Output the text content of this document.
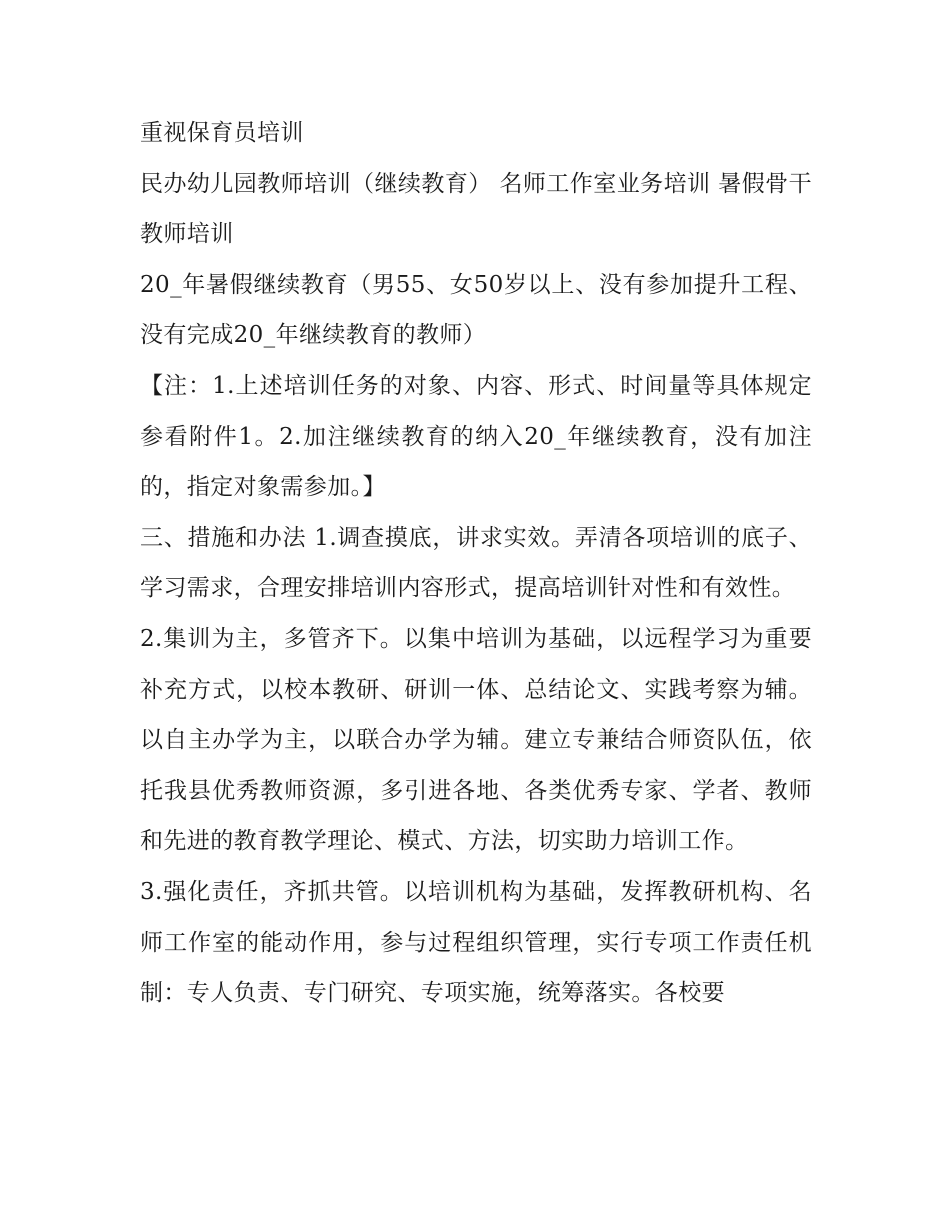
重视保育员培训

民办幼儿园教师培训（继续教育） 名师工作室业务培训 暑假骨干教师培训

20_年暑假继续教育（男55、女50岁以上、没有参加提升工程、没有完成20_年继续教育的教师）

【注：1.上述培训任务的对象、内容、形式、时间量等具体规定参看附件1。2.加注继续教育的纳入20_年继续教育，没有加注的，指定对象需参加。】

三、措施和办法 1.调查摸底，讲求实效。弄清各项培训的底子、学习需求，合理安排培训内容形式，提高培训针对性和有效性。

2.集训为主，多管齐下。以集中培训为基础，以远程学习为重要补充方式，以校本教研、研训一体、总结论文、实践考察为辅。以自主办学为主，以联合办学为辅。建立专兼结合师资队伍，依托我县优秀教师资源，多引进各地、各类优秀专家、学者、教师和先进的教育教学理论、模式、方法，切实助力培训工作。

3.强化责任，齐抓共管。以培训机构为基础，发挥教研机构、名师工作室的能动作用，参与过程组织管理，实行专项工作责任机制：专人负责、专门研究、专项实施，统筹落实。各校要
